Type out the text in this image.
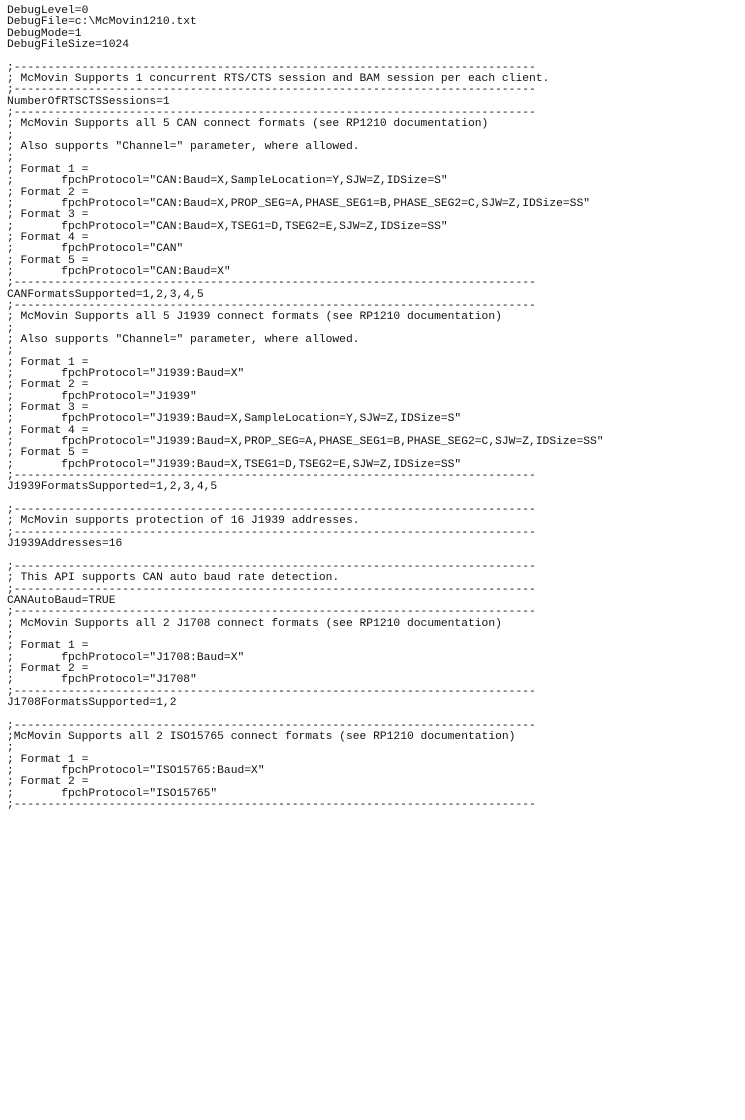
DebugLevel=0
DebugFile=c:\McMovin1210.txt
DebugMode=1
DebugFileSize=1024
;-----------------------------------------------------------------------------
; McMovin Supports 1 concurrent RTS/CTS session and BAM session per each client.
;-----------------------------------------------------------------------------
NumberOfRTSCTSSessions=1
;-----------------------------------------------------------------------------
; McMovin Supports all 5 CAN connect formats (see RP1210 documentation)
;
; Also supports "Channel=" parameter, where allowed.
;
; Format 1 =
;       fpchProtocol="CAN:Baud=X,SampleLocation=Y,SJW=Z,IDSize=S"
; Format 2 =
;       fpchProtocol="CAN:Baud=X,PROP_SEG=A,PHASE_SEG1=B,PHASE_SEG2=C,SJW=Z,IDSize=SS"
; Format 3 =
;       fpchProtocol="CAN:Baud=X,TSEG1=D,TSEG2=E,SJW=Z,IDSize=SS"
; Format 4 =
;       fpchProtocol="CAN"
; Format 5 =
;       fpchProtocol="CAN:Baud=X"
;-----------------------------------------------------------------------------
CANFormatsSupported=1,2,3,4,5
;-----------------------------------------------------------------------------
; McMovin Supports all 5 J1939 connect formats (see RP1210 documentation)
;
; Also supports "Channel=" parameter, where allowed.
;
; Format 1 =
;       fpchProtocol="J1939:Baud=X"
; Format 2 =
;       fpchProtocol="J1939"
; Format 3 =
;       fpchProtocol="J1939:Baud=X,SampleLocation=Y,SJW=Z,IDSize=S"
; Format 4 =
;       fpchProtocol="J1939:Baud=X,PROP_SEG=A,PHASE_SEG1=B,PHASE_SEG2=C,SJW=Z,IDSize=SS"
; Format 5 =
;       fpchProtocol="J1939:Baud=X,TSEG1=D,TSEG2=E,SJW=Z,IDSize=SS"
;-----------------------------------------------------------------------------
J1939FormatsSupported=1,2,3,4,5
;-----------------------------------------------------------------------------
; McMovin supports protection of 16 J1939 addresses.
;-----------------------------------------------------------------------------
J1939Addresses=16
;-----------------------------------------------------------------------------
; This API supports CAN auto baud rate detection.
;-----------------------------------------------------------------------------
CANAutoBaud=TRUE
;-----------------------------------------------------------------------------
; McMovin Supports all 2 J1708 connect formats (see RP1210 documentation)
;
; Format 1 =
;       fpchProtocol="J1708:Baud=X"
; Format 2 =
;       fpchProtocol="J1708"
;-----------------------------------------------------------------------------
J1708FormatsSupported=1,2
;-----------------------------------------------------------------------------
;McMovin Supports all 2 ISO15765 connect formats (see RP1210 documentation)
;
; Format 1 =
;       fpchProtocol="ISO15765:Baud=X"
; Format 2 =
;       fpchProtocol="ISO15765"
;-----------------------------------------------------------------------------
